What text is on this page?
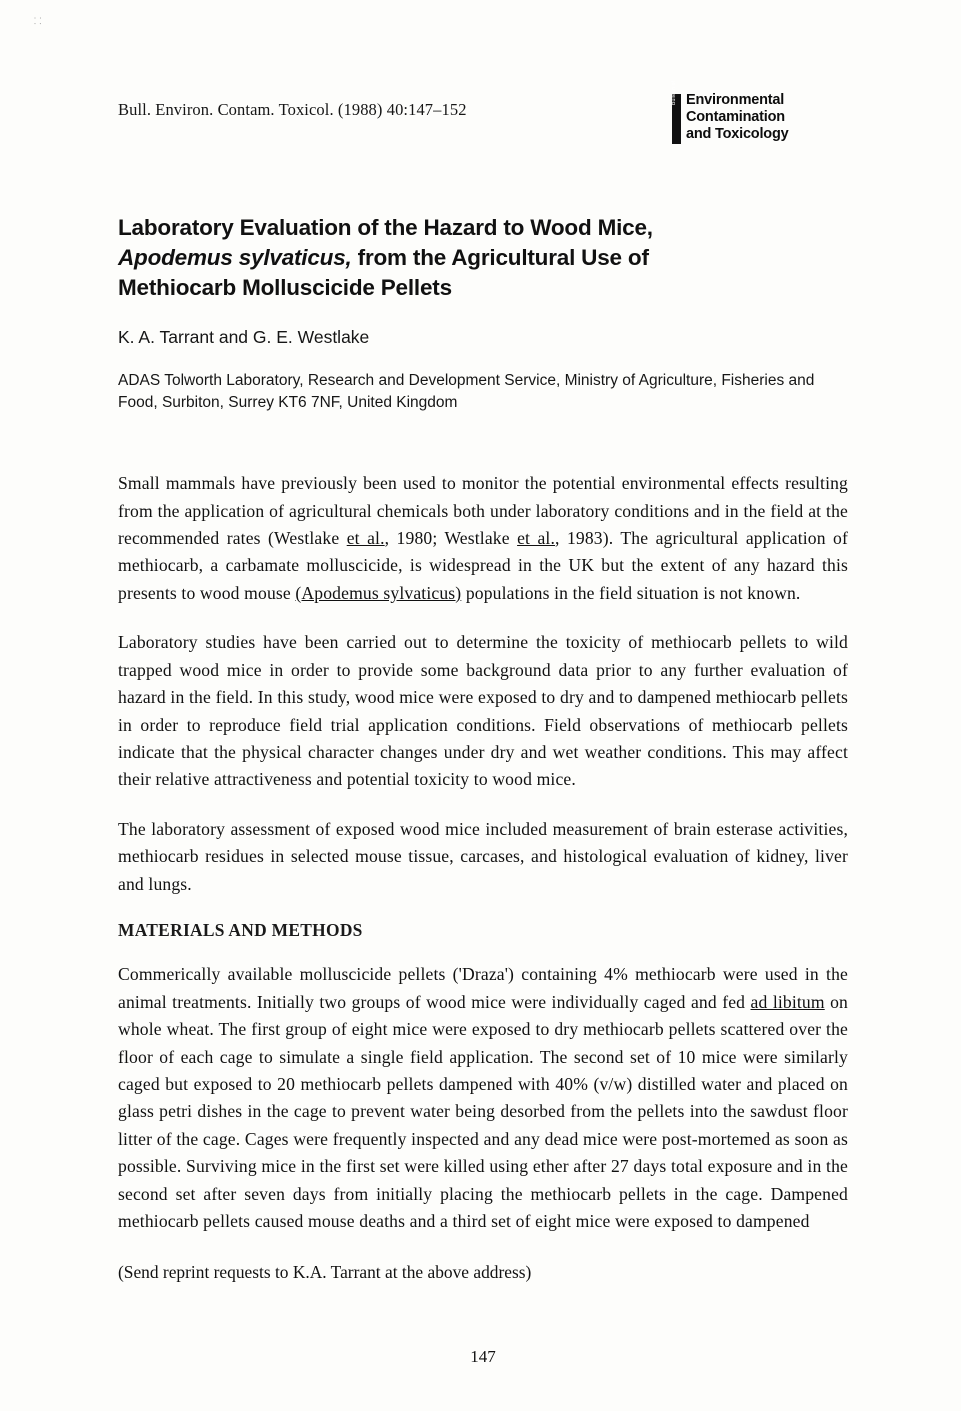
⸬
Bull. Environ. Contam. Toxicol. (1988) 40:147–152
Bulletin of Environmental
Contamination
and Toxicology
Laboratory Evaluation of the Hazard to Wood Mice,
Apodemus sylvaticus, from the Agricultural Use of
Methiocarb Molluscicide Pellets
K. A. Tarrant and G. E. Westlake
ADAS Tolworth Laboratory, Research and Development Service, Ministry of Agriculture, Fisheries and Food, Surbiton, Surrey KT6 7NF, United Kingdom

Small mammals have previously been used to monitor the potential environmental effects resulting from the application of agricultural chemicals both under laboratory conditions and in the field at the recommended rates (Westlake et al., 1980; Westlake et al., 1983). The agricultural application of methiocarb, a carbamate molluscicide, is widespread in the UK but the extent of any hazard this presents to wood mouse (Apodemus sylvaticus) populations in the field situation is not known.

Laboratory studies have been carried out to determine the toxicity of methiocarb pellets to wild trapped wood mice in order to provide some background data prior to any further evaluation of hazard in the field. In this study, wood mice were exposed to dry and to dampened methiocarb pellets in order to reproduce field trial application conditions. Field observations of methiocarb pellets indicate that the physical character changes under dry and wet weather conditions. This may affect their relative attractiveness and potential toxicity to wood mice.

The laboratory assessment of exposed wood mice included measurement of brain esterase activities, methiocarb residues in selected mouse tissue, carcases, and histological evaluation of kidney, liver and lungs.

MATERIALS AND METHODS

Commerically available molluscicide pellets ('Draza') containing 4% methiocarb were used in the animal treatments. Initially two groups of wood mice were individually caged and fed ad libitum on whole wheat. The first group of eight mice were exposed to dry methiocarb pellets scattered over the floor of each cage to simulate a single field application. The second set of 10 mice were similarly caged but exposed to 20 methiocarb pellets dampened with 40% (v/w) distilled water and placed on glass petri dishes in the cage to prevent water being desorbed from the pellets into the sawdust floor litter of the cage. Cages were frequently inspected and any dead mice were post-mortemed as soon as possible. Surviving mice in the first set were killed using ether after 27 days total exposure and in the second set after seven days from initially placing the methiocarb pellets in the cage. Dampened methiocarb pellets caused mouse deaths and a third set of eight mice were exposed to dampened

(Send reprint requests to K.A. Tarrant at the above address)
147
